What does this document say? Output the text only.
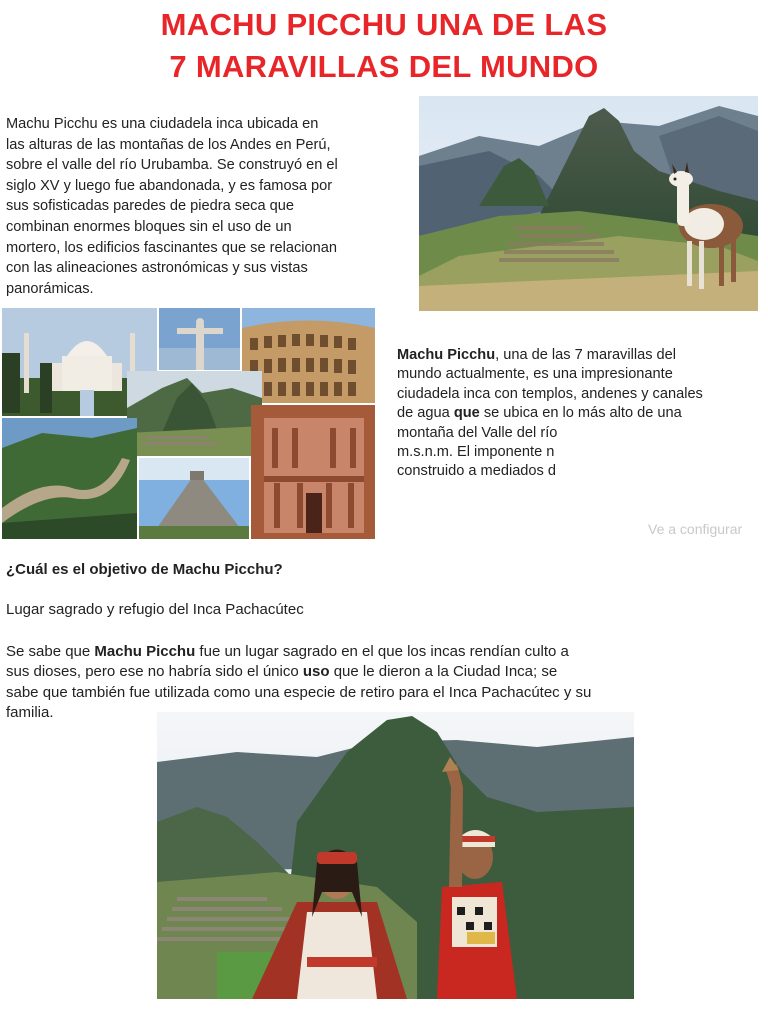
MACHU PICCHU UNA DE LAS
7 MARAVILLAS DEL MUNDO
Machu Picchu es una ciudadela inca ubicada en
las alturas de las montañas de los Andes en Perú,
sobre el valle del río Urubamba. Se construyó en el
siglo XV y luego fue abandonada, y es famosa por
sus sofisticadas paredes de piedra seca que
combinan enormes bloques sin el uso de un
mortero, los edificios fascinantes que se relacionan
con las alineaciones astronómicas y sus vistas
panorámicas.
Machu Picchu, una de las 7 maravillas del
mundo actualmente, es una impresionante
ciudadela inca con templos, andenes y canales
de agua que se ubica en lo más alto de una
montaña del Valle del río
m.s.n.m. El imponente n
construido a mediados d
Ve a configurar
¿Cuál es el objetivo de Machu Picchu?
Lugar sagrado y refugio del Inca Pachacútec
Se sabe que Machu Picchu fue un lugar sagrado en el que los incas rendían culto a
sus dioses, pero ese no habría sido el único uso que le dieron a la Ciudad Inca; se
sabe que también fue utilizada como una especie de retiro para el Inca Pachacútec y su
familia.
